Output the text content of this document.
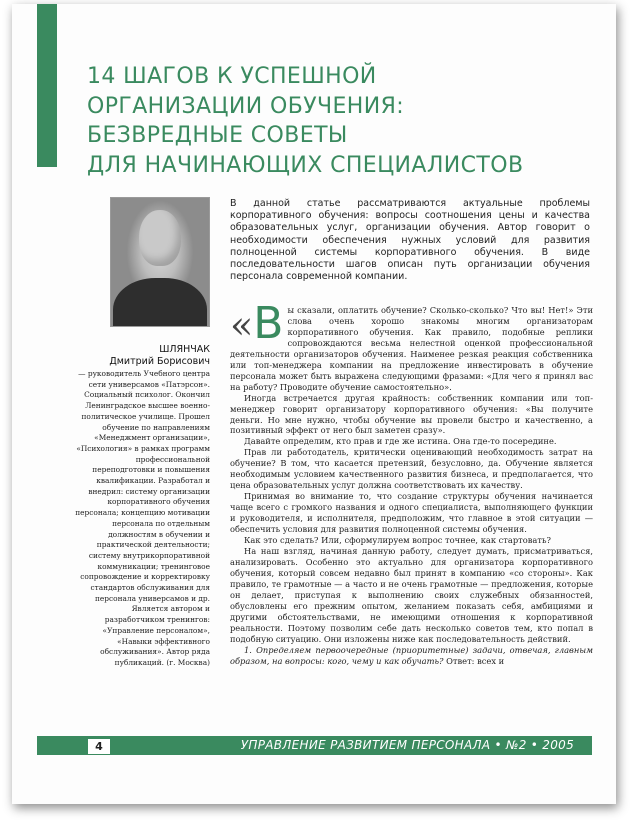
14 ШАГОВ К УСПЕШНОЙ
ОРГАНИЗАЦИИ ОБУЧЕНИЯ:
БЕЗВРЕДНЫЕ СОВЕТЫ
ДЛЯ НАЧИНАЮЩИХ СПЕЦИАЛИСТОВ

В данной статье рассматриваются актуальные проблемы корпоративного обучения: вопросы соотношения цены и качества образовательных услуг, организации обучения. Автор говорит о необходимости обеспечения нужных условий для развития полноценной системы корпоративного обучения. В виде последовательности шагов описан путь организации обучения персонала современной компании.

ШЛЯНЧАК
Дмитрий Борисович

— руководитель Учебного центра сети универсамов «Патэрсон». Социальный психолог. Окончил Ленинградское высшее военно-политическое училище. Прошел обучение по направлениям «Менеджмент организации», «Психология» в рамках программ профессиональной переподготовки и повышения квалификации. Разработал и внедрил: систему организации корпоративного обучения персонала; концепцию мотивации персонала по отдельным должностям в обучении и практической деятельности; систему внутрикорпоративной коммуникации; тренинговое сопровождение и корректировку стандартов обслуживания для персонала универсамов и др. Является автором и разработчиком тренингов: «Управление персоналом», «Навыки эффективного обслуживания». Автор ряда публикаций. (г. Москва)

«В ы сказали, оплатить обучение? Сколько-сколько? Что вы! Нет!» Эти слова очень хорошо знакомы многим организаторам корпоративного обучения. Как правило, подобные реплики сопровождаются весьма нелестной оценкой профессиональной деятельности организаторов обучения. Наименее резкая реакция собственника или топ-менеджера компании на предложение инвестировать в обучение персонала может быть выражена следующими фразами: «Для чего я принял вас на работу? Проводите обучение самостоятельно».

Иногда встречается другая крайность: собственник компании или топ-менеджер говорит организатору корпоративного обучения: «Вы получите деньги. Но мне нужно, чтобы обучение вы провели быстро и качественно, а позитивный эффект от него был заметен сразу».

Давайте определим, кто прав и где же истина. Она где-то посередине.

Прав ли работодатель, критически оценивающий необходимость затрат на обучение? В том, что касается претензий, безусловно, да. Обучение является необходимым условием качественного развития бизнеса, и предполагается, что цена образовательных услуг должна соответствовать их качеству.

Принимая во внимание то, что создание структуры обучения начинается чаще всего с громкого названия и одного специалиста, выполняющего функции и руководителя, и исполнителя, предположим, что главное в этой ситуации — обеспечить условия для развития полноценной системы обучения.

Как это сделать? Или, сформулируем вопрос точнее, как стартовать?

На наш взгляд, начиная данную работу, следует думать, присматриваться, анализировать. Особенно это актуально для организатора корпоративного обучения, который совсем недавно был принят в компанию «со стороны». Как правило, те грамотные — а часто и не очень грамотные — предложения, которые он делает, приступая к выполнению своих служебных обязанностей, обусловлены его прежним опытом, желанием показать себя, амбициями и другими обстоятельствами, не имеющими отношения к корпоративной реальности. Поэтому позволим себе дать несколько советов тем, кто попал в подобную ситуацию. Они изложены ниже как последовательность действий.

1. Определяем первоочередные (приоритетные) задачи, отвечая, главным образом, на вопросы: кого, чему и как обучать? Ответ: всех и

4	УПРАВЛЕНИЕ РАЗВИТИЕМ ПЕРСОНАЛА • №2 • 2005
